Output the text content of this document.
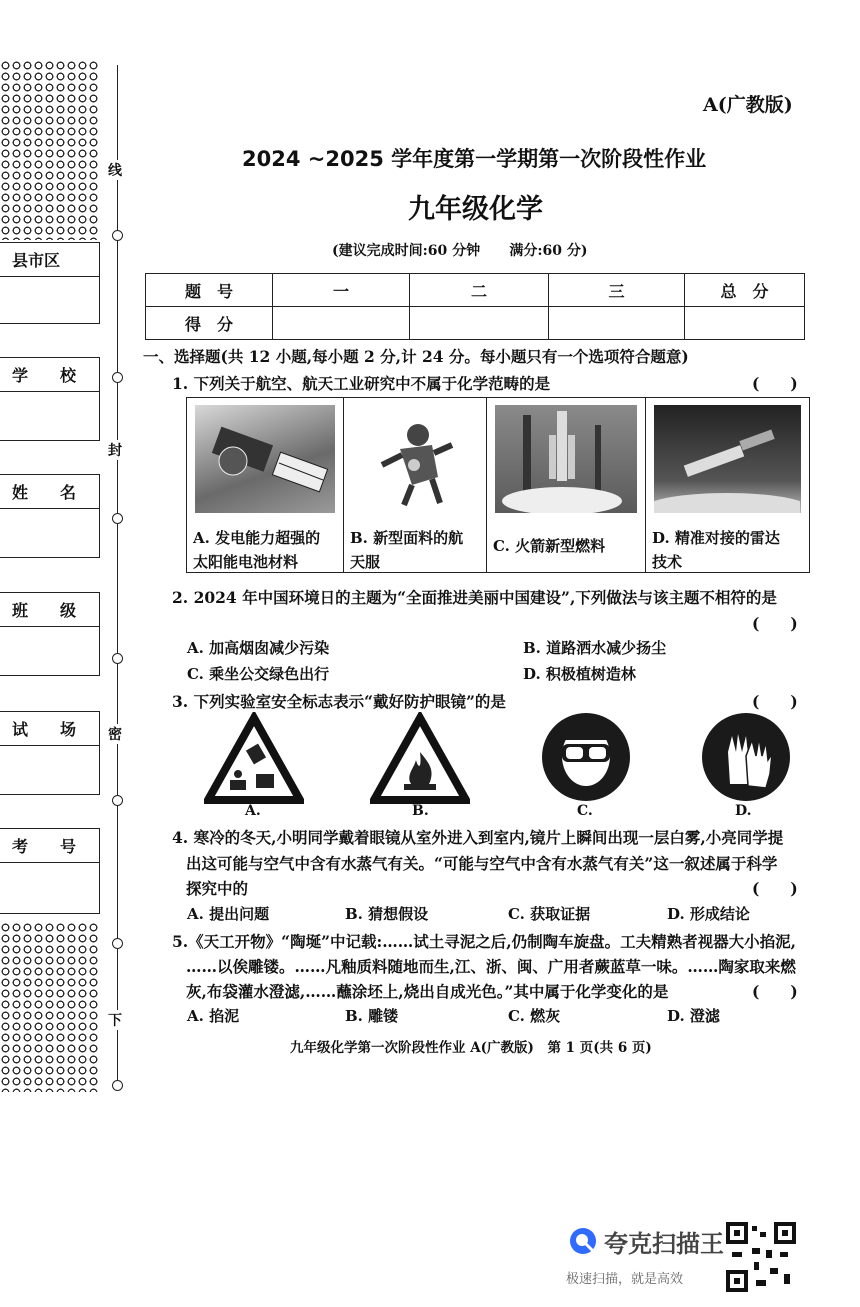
线
封
密
下
县市区
学　　校
姓　　名
班　　级
试　　场
考　　号
A(广教版)
2024 ~2025 学年度第一学期第一次阶段性作业
九年级化学
(建议完成时间:60 分钟      满分:60 分)
题　号	一	二	三	总　分
得　分				
一、选择题(共 12 小题,每小题 2 分,计 24 分。每小题只有一个选项符合题意)
1. 下列关于航空、航天工业研究中不属于化学范畴的是	(　　)
A. 发电能力超强的
太阳能电池材料

B. 新型面料的航
天服

C. 火箭新型燃料	D. 精准对接的雷达
技术
2. 2024 年中国环境日的主题为“全面推进美丽中国建设”,下列做法与该主题不相符的是
(　　)
A. 加高烟囱减少污染	B. 道路洒水减少扬尘
C. 乘坐公交绿色出行	D. 积极植树造林
3. 下列实验室安全标志表示“戴好防护眼镜”的是	(　　)
A.	B.	C.	D.
4. 寒冷的冬天,小明同学戴着眼镜从室外进入到室内,镜片上瞬间出现一层白雾,小亮同学提
出这可能与空气中含有水蒸气有关。“可能与空气中含有水蒸气有关”这一叙述属于科学
探究中的	(　　)
A. 提出问题	B. 猜想假设	C. 获取证据	D. 形成结论
5.《天工开物》“陶埏”中记载:……试土寻泥之后,仍制陶车旋盘。工夫精熟者视器大小掐泥,
……以俟雕镂。……凡釉质料随地而生,江、浙、闽、广用者蕨蓝草一味。……陶家取来燃
灰,布袋灌水澄滤,……蘸涂坯上,烧出自成光色。”其中属于化学变化的是	(　　)
A. 掐泥	B. 雕镂	C. 燃灰	D. 澄滤
九年级化学第一次阶段性作业 A(广教版)　第 1 页(共 6 页)
夸克扫描王
极速扫描，就是高效
